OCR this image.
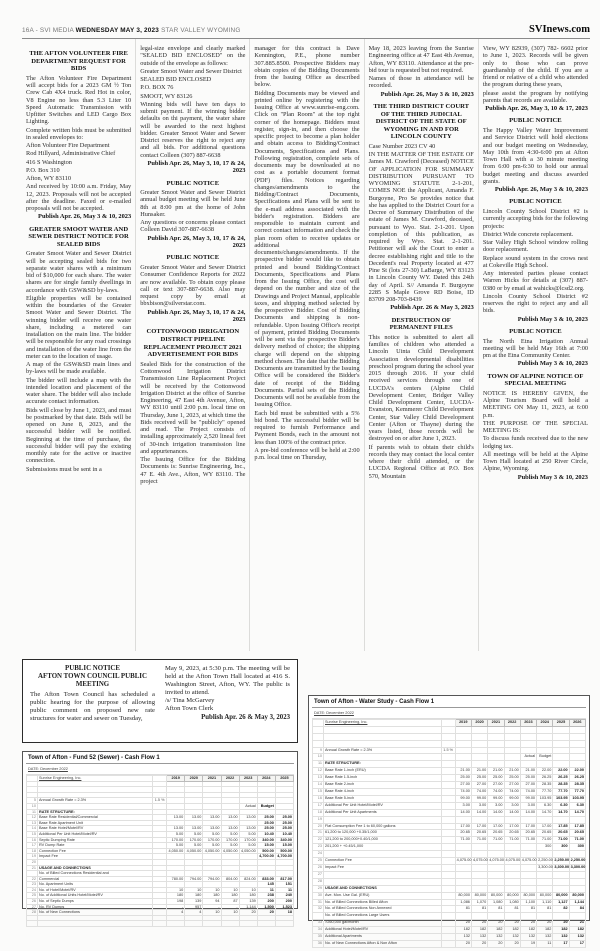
16A - SVI MEDIA WEDNESDAY MAY 3, 2023 STAR VALLEY WYOMING	SVInews.com
THE AFTON VOLUNTEER FIRE DEPARTMENT REQUEST FOR BIDS
The Afton Volunteer Fire Department will accept bids for a 2023 GM ½ Ton Crew Cab 4X4 truck. Red Hot in color, V8 Engine no less than 5.3 Liter 10 Speed Automatic Transmission with Upfitter Switches and LED Cargo Box Lighting.
Complete written bids must be submitted in sealed envelopes to:
Afton Volunteer Fire Department
Rod Hillyard, Administrative Chief
416 S Washington
P.O. Box 310
Afton, WY 83110
And received by 10:00 a.m. Friday, May 12, 2023. Proposals will not be accepted after the deadline. Faxed or e-mailed proposals will not be accepted.
Publish Apr. 26, May 3 & 10, 2023
GREATER SMOOT WATER AND SEWER DISTRICT NOTICE FOR SEALED BIDS
Greater Smoot Water and Sewer District will be accepting sealed bids for two separate water shares with a minimum bid of $10,000 for each share. The water shares are for single family dwellings in accordance with GSW&SD by-laws.
Eligible properties will be contained within the boundaries of the Greater Smoot Water and Sewer District. The winning bidder will receive one water share, including a metered can installation on the main line. The bidder will be responsible for any road crossings and installation of the water line from the meter can to the location of usage.
A map of the GSW&SD main lines and by-laws will be made available.
The bidder will include a map with the intended location and placement of the water share. The bidder will also include accurate contact information.
Bids will close by June 1, 2023, and must be postmarked by that date. Bids will be opened on June 8, 2023, and the successful bidder will be notified. Beginning at the time of purchase, the successful bidder will pay the existing monthly rate for the active or inactive connection.
Submissions must be sent in a
legal-size envelope and clearly marked "SEALED BID ENCLOSED" on the outside of the envelope as follows:
Greater Smoot Water and Sewer District
SEALED BID ENCLOSED
P.O. BOX 76
SMOOT, WY 83126
Winning bids will have ten days to submit payment. If the winning bidder defaults on thi payment, the water share will be awarded to the next highest bidder. Greater Smoot Water and Sewer District reserves the right to reject any and all bids. For additional questions contact Colleen (307) 887-6638
Publish Apr. 26, May 3, 10, 17 & 24, 2023
PUBLIC NOTICE
Greater Smoot Water and Sewer District annual budget meeting will be held June 8th at 8:00 pm at the home of John Hunsaker.
Any questions or concerns please contact Colleen David 307-887-6638
Publish Apr. 26, May 3, 10, 17 & 24, 2023
PUBLIC NOTICE
Greater Smoot Water and Sewer District Consumer Confidence Reports for 2022 are now available. To obtain copy please call or text 307-887-6638. Also may request copy by email at bbxbison@silverstar.com.
Publish Apr. 26, May 3, 10, 17 & 24, 2023
COTTONWOOD IRRIGATION DISTRICT PIPELINE REPLACEMENT PROJECT 2021 ADVERTISEMENT FOR BIDS
Sealed Bids for the construction of the Cottonwood Irrigation District Transmission Line Replacement Project will be received by the Cottonwood Irrigation District at the office of Sunrise Engineering, 47 East 4th Avenue, Afton, WY 83110 until 2:00 p.m. local time on Thursday, June 1, 2023, at which time the Bids received will be "publicly" opened and read. The Project consists of installing approximately 2,520 lineal feet of 30-inch irrigation transmission line and appurtenances.
The Issuing Office for the Bidding Documents is: Sunrise Engineering, Inc., 47 E. 4th Ave., Afton, WY 83110. The project
manager for this contract is Dave Kennington, P.E., phone number 307.885.8500. Prospective Bidders may obtain copies of the Bidding Documents from the Issuing Office as described below.
Bidding Documents may be viewed and printed online by registering with the Issuing Office at www.sunrise-eng.com. Click on "Plan Room" at the top right corner of the homepage. Bidders must register, sign-in, and then choose the specific project to become a plan holder and obtain access to Bidding/Contract Documents, Specifications and Plans. Following registration, complete sets of documents may be downloaded at no cost as a portable document format (PDF) files. Notices regarding changes/amendments to the Bidding/Contract Documents, Specifications and Plans will be sent to the e-mail address associated with the bidder's registration. Bidders are responsible to maintain current and correct contact information and check the plan room often to receive updates or additional documents/changes/amendments. If the prospective bidder would like to obtain printed and bound Bidding/Contract Documents, Specifications and Plans from the Issuing Office, the cost will depend on the number and size of the Drawings and Project Manual, applicable taxes, and shipping method selected by the prospective Bidder. Cost of Bidding Documents and shipping is non-refundable. Upon Issuing Office's receipt of payment, printed Bidding Documents will be sent via the prospective Bidder's delivery method of choice; the shipping charge will depend on the shipping method chosen. The date that the Bidding Documents are transmitted by the Issuing Office will be considered the Bidder's date of receipt of the Bidding Documents. Partial sets of the Bidding Documents will not be available from the Issuing Office.
Each bid must be submitted with a 5% bid bond. The successful bidder will be required to furnish Performance and Payment Bonds, each in the amount not less than 100% of the contract price.
A pre-bid conference will be held at 2:00 p.m. local time on Thursday,
May 18, 2023 leaving from the Sunrise Engineering office at 47 East 4th Avenue, Afton, WY 83110. Attendance at the pre-bid tour is requested but not required.
Names of those in attendance will be recorded.
Publish Apr. 26, May 3 & 10, 2023
THE THIRD DISTRICT COURT OF THE THIRD JUDICIAL DISTRICT OF THE STATE OF WYOMING IN AND FOR LINCOLN COUNTY
Case Number 2023 CV 40
IN THE MATTER OF THE ESTATE OF James M. Crawford (Deceased) NOTICE OF APPLICATION FOR SUMMARY DISTRIBUTION PURSUANT TO WYOMING STATUTE 2-1-201, COMES NOE the Applicant, Amanda F. Burgoyne, Pro Se provides notice that she has applied to the District Court for a Decree of Summary Distribution of the estate of James M. Crawford, deceased, pursuant to Wyo. Stat. 2-1-201. Upon completion of this publication, as required by Wyo. Stat. 2-1-201. Petitioner will ask the Court to enter a decree establishing right and title to the Decedent's real Property located at 477 Pine St (lots 27-30) LaBarge, WY 83123 in Lincoln County WY. Dated this 24th day of April. S// Amanda F. Burgoyne 2285 S Maple Grove RD Boise, ID 83709 208-703-8439
Publish Apr. 26 & May 3, 2023
DESTRUCTION OF PERMANENT FILES
This notice is submitted to alert all families of children who attended a Lincoln Uinta Child Development Association developmental disabilities preschool program during the school year 2015 through 2016. If your child received services through one of LUCDA's centers (Alpine Child Development Center, Bridger Valley Child Development Center, LUCDA-Evanston, Kemmerer Child Development Center, Star Valley Child Development Center (Afton or Thayne) during the years listed, those records will be destroyed on or after June 1, 2023.
If parents wish to obtain their child's records they may contact the local center where their child attended, or the LUCDA Regional Office at P.O. Box 570, Mountain
View, WY 82939, (307) 782- 6602 prior to June 1, 2023. Records will be given only to those who can prove guardianship of the child. If you are a friend or relative of a child who attended the program during these years,
please assist the program by notifying parents that records are available.
Publish Apr. 26, May 3, 10 & 17, 2023
PUBLIC NOTICE
The Happy Valley Water Improvement and Service District will hold elections and our budget meeting on Wednesday, May 10th from 4:30-6:00 pm at Afton Town Hall with a 30 minute meeting from 6:00 pm-6:30 to hold our annual budget meeting and discuss awarded grants.
Publish Apr. 26, May 3 & 10, 2023
PUBLIC NOTICE
Lincoln County School District #2 is currently accepting bids for the following projects:
District Wide concrete replacement.
Star Valley High School window rolling door replacement.
Replace sound system in the crows nest at Cokeville High School.
Any interested parties please contact Warren Hicks for details at (307) 887-0380 or by email at wahicks@lcsd2.org.
Lincoln County School District #2 reserves the right to reject any and all bids.
Publish May 3 & 10, 2023
PUBLIC NOTICE
The North Etna Irrigation Annual meeting will be held May 16th at 7:00 pm at the Etna Community Center.
Publish May 3 & 10, 2023
TOWN OF ALPINE NOTICE OF SPECIAL MEETING
NOTICE IS HEREBY GIVEN, the Alpine Tourism Board will hold a MEETING ON May 11, 2023, at 6:00 p.m.
THE PURPOSE OF THE SPECIAL MEETING IS:
To discuss funds received due to the new lodging tax.
All meetings will be held at the Alpine Town Hall located at 250 River Circle, Alpine, Wyoming.
Publish May 3 & 10, 2023
PUBLIC NOTICE
AFTON TOWN COUNCIL PUBLIC MEETING
The Afton Town Council has scheduled a public hearing for the purpose of allowing public comment on proposed new rate structures for water and sewer on Tuesday,
May 9, 2023, at 5:30 p.m. The meeting will be held at the Afton Town Hall located at 416 S. Washington Street, Afton, WY. The public is invited to attend.
/s/ Tina McGarvey
Afton Town Clerk
Publish Apr. 26 & May 3, 2023
Town of Afton - Fund 52 (Sewer) - Cash Flow 1
DATE: December 2022
	Sunrise Engineering, Inc.		2019	2020	2021	2022	2023	2024	2025

5	Annual Growth Rate = 2.3%	1.5 %							
10							Actual	Budget	
11	RATE STRUCTURE:								
12	Base Rate Residential/Commercial		13.00	13.00	13.00	13.00	13.00	25.00	25.00
13	Base Rate Apartment Unit							25.00	25.00
14	Base Rate Hotel/Motel/RV		13.00	13.00	13.00	13.00	13.00	25.00	25.00
15	Additional Per Unit Hotel/Motel/RV		5.00	5.00	5.00	5.00	5.00	10.40	10.40
16	Septic Dumping Rate		170.00	170.00	170.00	170.00	170.00	340.00	340.00
17	RV Dump Rate		5.00	5.00	5.00	5.00	5.00	15.00	15.00
18	Connection Fee		4,050.00	4,050.00	4,050.00	4,050.00	4,050.00	500.00	500.00
19	Impact Fee							4,700.00	4,700.00
20									
21	USAGE AND CONNECTIONS								
	No. of Billed Connections Residential and								
22	Commercial		780.00	794.00	794.00	804.00	824.00	833.00	817.00
23	No. Apartment Units							145	151
24	No. of Hotel/Motel/RV		10	10	10	10	10	11	11
25	No. of Additional Units Hotel/Motel/RV		180	180	180	180	180	238	240
26	No. of Septic Dumps		198	139	94	87	139	200	200
27	No. RV Dumps		-	957	-	-	1,144	1,500	1,523
28	No. of New Connections		4	4	10	10	20	20	18

Town of Afton - Water Study - Cash Flow 1
DATE: December 2022
	Sunrise Engineering, Inc.		2019	2020	2021	2022	2023	2024	2025	2026

9	Annual Growth Rate = 2.3%	1.5 %								
10							Actual	Budget		
11	RATE STRUCTURE:									
12	Base Rate 1-inch (ERU)		21.00	21.00	21.00	21.00	21.00	22.00	22.00	22.00
13	Base Rate 1.5-inch		25.00	25.00	25.00	25.00	25.00	26.25	26.25	26.25
14	Base Rate 2-inch		27.00	27.00	27.00	27.00	27.00	28.35	28.35	28.35
15	Base Rate 4-inch		74.00	74.00	74.00	74.00	74.00	77.70	77.70	77.70
16	Base Rate 5-inch		99.00	99.00	99.00	99.00	99.00	103.95	103.95	103.95
17	Additional Per Unit Hotel/Motel/RV		3.00	3.00	3.00	3.00	3.00	6.30	6.30	6.30
18	Additional Per Unit Apartments		14.00	14.00	14.00	14.00	14.00	14.70	14.70	14.70
19										
20	Flat Consumption Fee 1 to 60,000 gallons		17.00	17.00	17.00	17.00	17.00	17.00	17.85	17.85
21	61,200 to 120,000 +0.35/1,000		20.65	20.65	20.65	20.65	20.65	20.65	20.65	20.65
22	121,200 to 200,000+0.40/1,000		71.00	71.00	71.00	71.00	71.00	71.00	71.00	71.00
23	201,200 + +0.45/1,000							300	300	300
24										
25	Connection Fee		4,075.00	4,075.00	4,075.00	4,075.00	4,075.00	2,250.00	2,250.00	2,250.00
26	Impact Fee							3,300.00	3,300.00	3,300.00
27										
28										
29	USAGE AND CONNECTIONS									
30	Ave. Mon. Use Gal. (ERU)		80,000	80,000	80,000	80,000	80,000	80,000	80,000	80,000
31	No. of Billed Connections Billed Afton		1,086	1,070	1,080	1,080	1,100	1,110	1,127	1,144
32	No. of Billed Connections Non Annexed		81	81	81	81	81	81	82	84
	No. of Billed Connections Large Users									
33	>260,000 gal/month		20	20	20	20	20	20	20	21
34	Additional Hotel/Motel/RV		182	182	182	182	182	182	182	182
35	Additional Apartments		132	132	132	132	132	132	132	132
36	No. of New Connections Afton & Non Afton		20	20	20	20	19	11	17	17
